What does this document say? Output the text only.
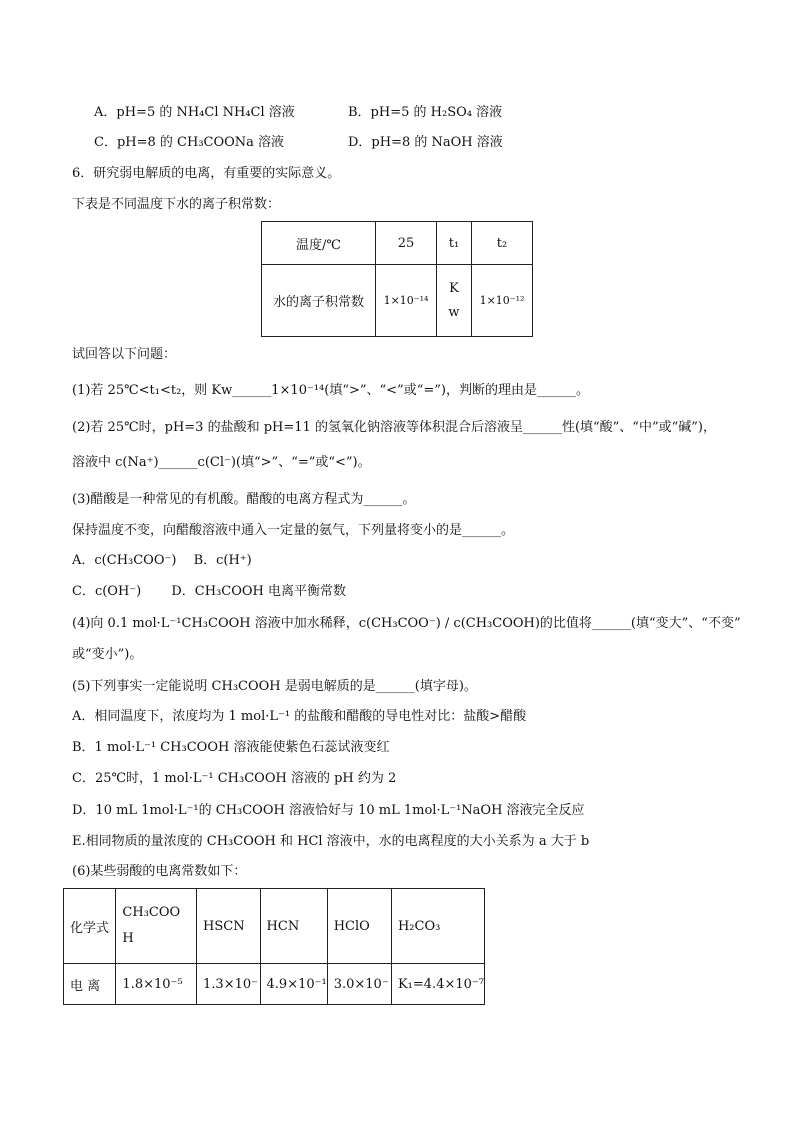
A．pH=5 的 NH₄Cl NH₄Cl 溶液	B．pH=5 的 H₂SO₄ 溶液
C．pH=8 的 CH₃COONa 溶液	D．pH=8 的 NaOH 溶液
6．研究弱电解质的电离，有重要的实际意义。
下表是不同温度下水的离子积常数：
温度/℃	25	t₁	t₂
水的离子积常数	1×10⁻¹⁴	K w	1×10⁻¹²
试回答以下问题：
(1)若 25℃<t₁<t₂，则 Kw______1×10⁻¹⁴(填“>”、“<”或“=”)，判断的理由是______。
(2)若 25℃时，pH=3 的盐酸和 pH=11 的氢氧化钠溶液等体积混合后溶液呈______性(填“酸”、“中”或“碱”)，
溶液中 c(Na⁺)______c(Cl⁻)(填“>”、“=”或“<”)。
(3)醋酸是一种常见的有机酸。醋酸的电离方程式为______。
保持温度不变，向醋酸溶液中通入一定量的氨气，下列量将变小的是______。
A．c(CH₃COO⁻)　 B．c(H⁺)
C．c(OH⁻)　　 D．CH₃COOH 电离平衡常数
(4)向 0.1 mol·L⁻¹CH₃COOH 溶液中加水稀释，c(CH₃COO⁻) / c(CH₃COOH)的比值将______(填“变大”、“不变”
或“变小”)。
(5)下列事实一定能说明 CH₃COOH 是弱电解质的是______(填字母)。
A．相同温度下，浓度均为 1 mol·L⁻¹ 的盐酸和醋酸的导电性对比：盐酸>醋酸
B．1 mol·L⁻¹ CH₃COOH 溶液能使紫色石蕊试液变红
C．25℃时，1 mol·L⁻¹ CH₃COOH 溶液的 pH 约为 2
D．10 mL 1mol·L⁻¹的 CH₃COOH 溶液恰好与 10 mL 1mol·L⁻¹NaOH 溶液完全反应
E.相同物质的量浓度的 CH₃COOH 和 HCl 溶液中，水的电离程度的大小关系为 a 大于 b
(6)某些弱酸的电离常数如下：
化学式	CH₃COO H	HSCN	HCN	HClO	H₂CO₃
电 离	1.8×10⁻⁵	1.3×10⁻	4.9×10⁻¹	3.0×10⁻	K₁=4.4×10⁻⁷
